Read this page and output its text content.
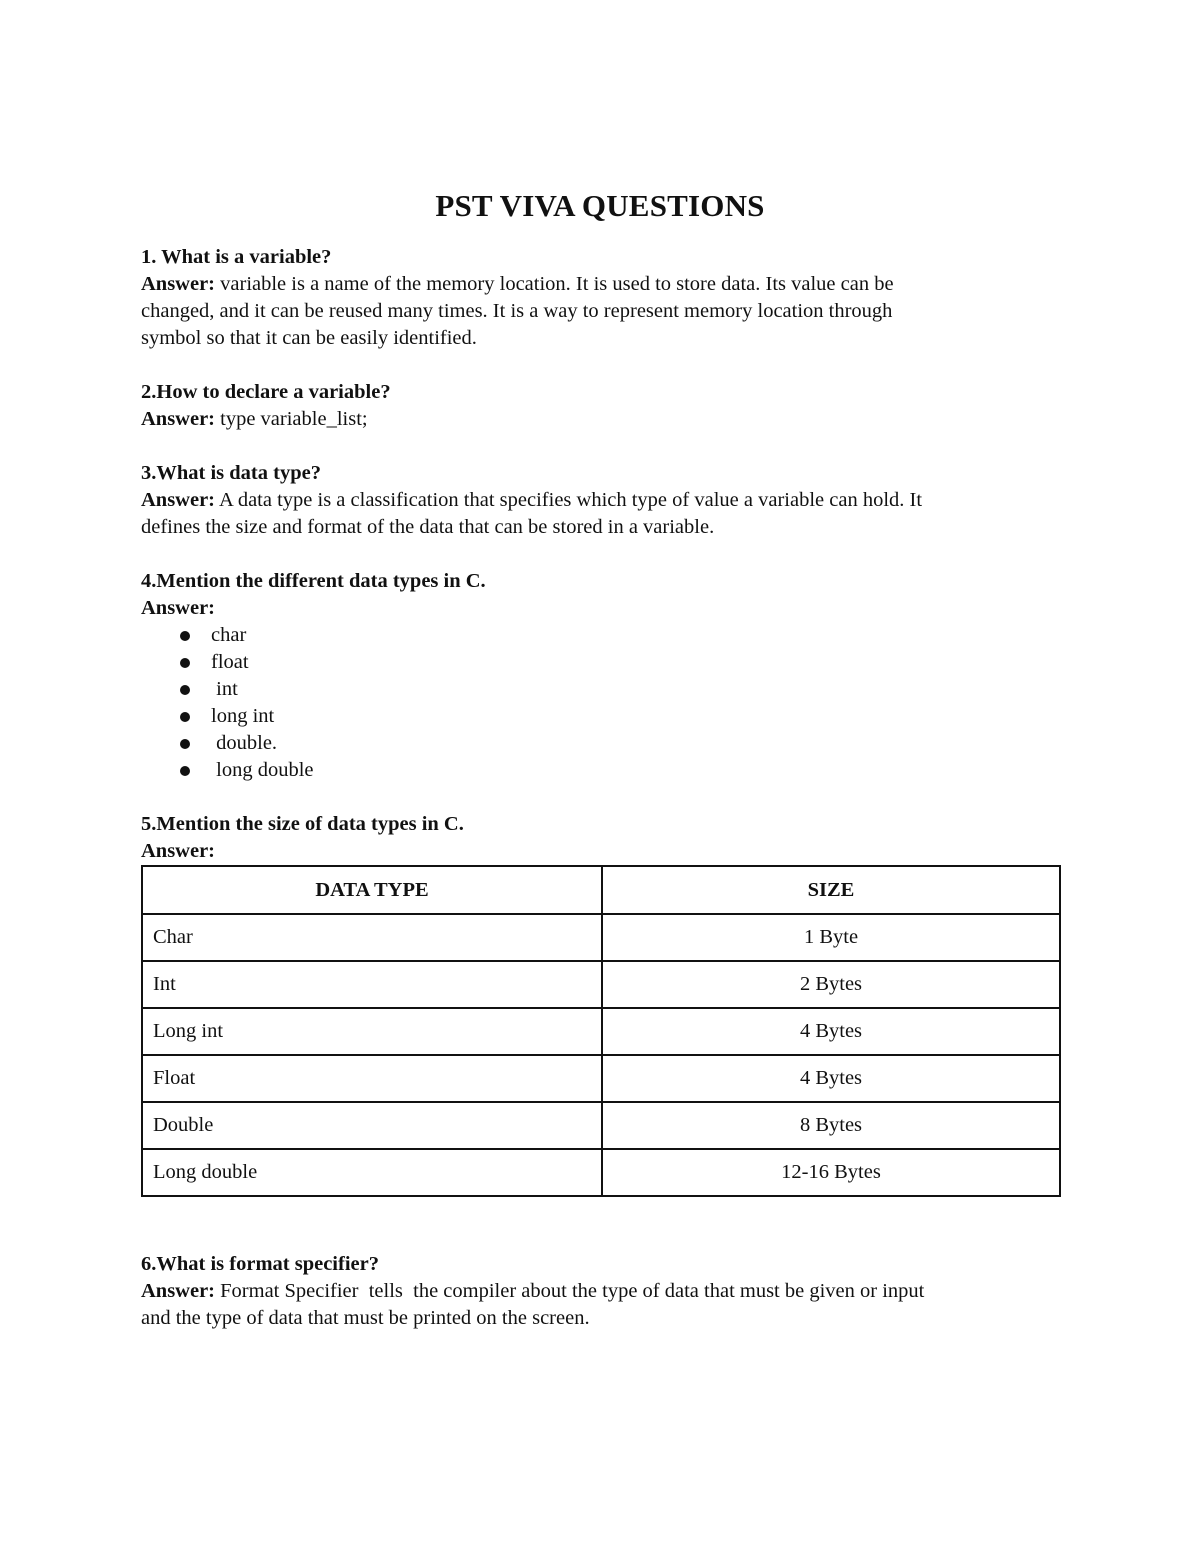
PST VIVA QUESTIONS

1. What is a variable?

Answer: variable is a name of the memory location. It is used to store data. Its value can be

changed, and it can be reused many times. It is a way to represent memory location through

symbol so that it can be easily identified.

2.How to declare a variable?

Answer: type variable_list;

3.What is data type?

Answer: A data type is a classification that specifies which type of value a variable can hold. It

defines the size and format of the data that can be stored in a variable.

4.Mention the different data types in C.

Answer:

char
float
int
long int
double.
long double

5.Mention the size of data types in C.

Answer:

DATA TYPE	SIZE
Char	1 Byte
Int	2 Bytes
Long int	4 Bytes
Float	4 Bytes
Double	8 Bytes
Long double	12-16 Bytes

6.What is format specifier?

Answer: Format Specifier  tells  the compiler about the type of data that must be given or input

and the type of data that must be printed on the screen.
